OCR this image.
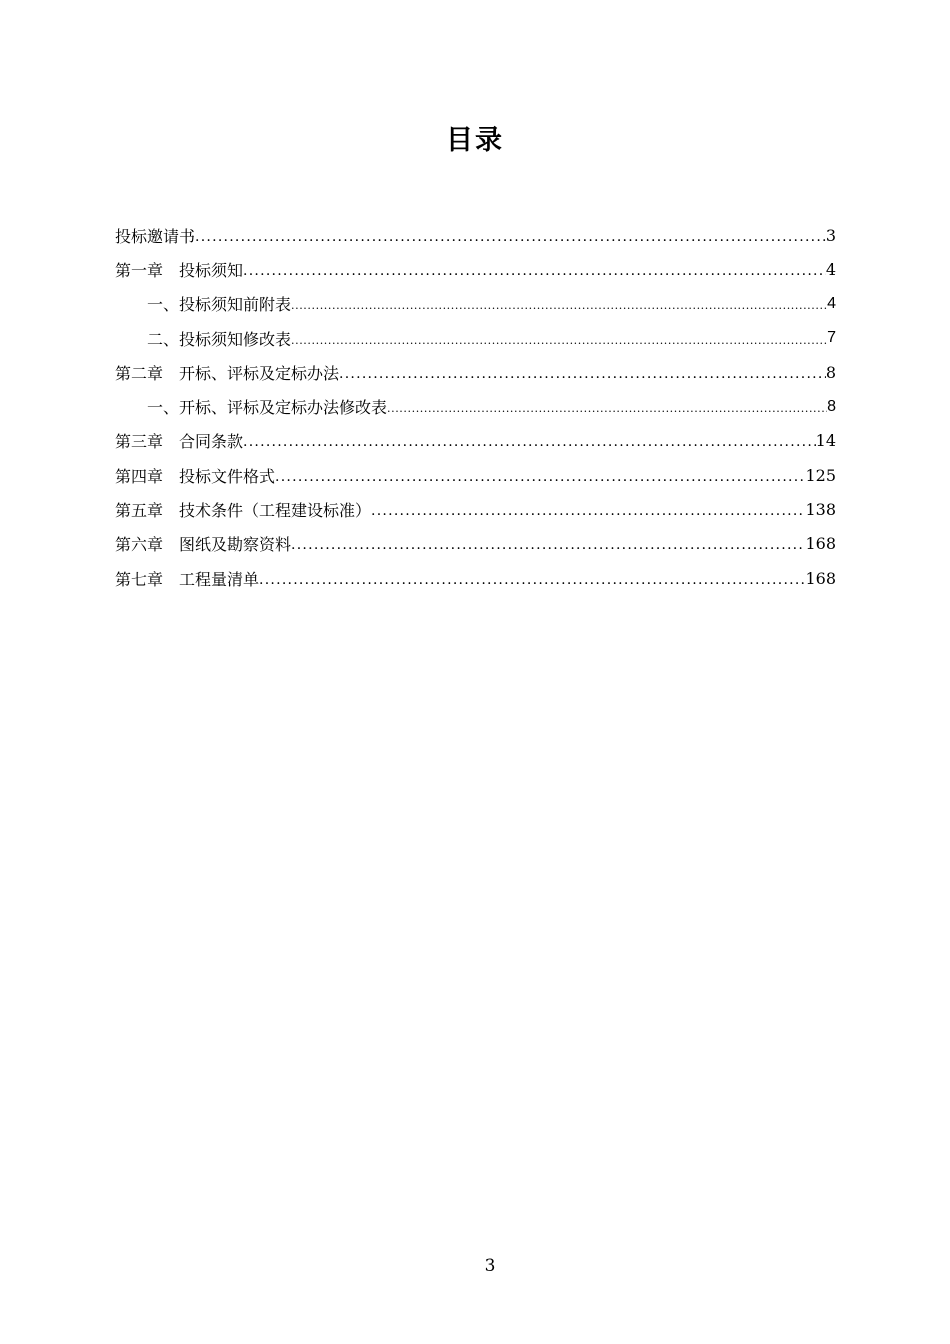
目录
投标邀请书 . . .	3
第一章　投标须知 . . .	4
一、投标须知前附表 .....	4
二、投标须知修改表 .....	7
第二章　开标、评标及定标办法 . . .	8
一、开标、评标及定标办法修改表 .....	8
第三章　合同条款 . . .	14
第四章　投标文件格式 . . .	125
第五章　技术条件（工程建设标准） . . .	138
第六章　图纸及勘察资料 . . .	168
第七章　工程量清单 . . .	168
3
